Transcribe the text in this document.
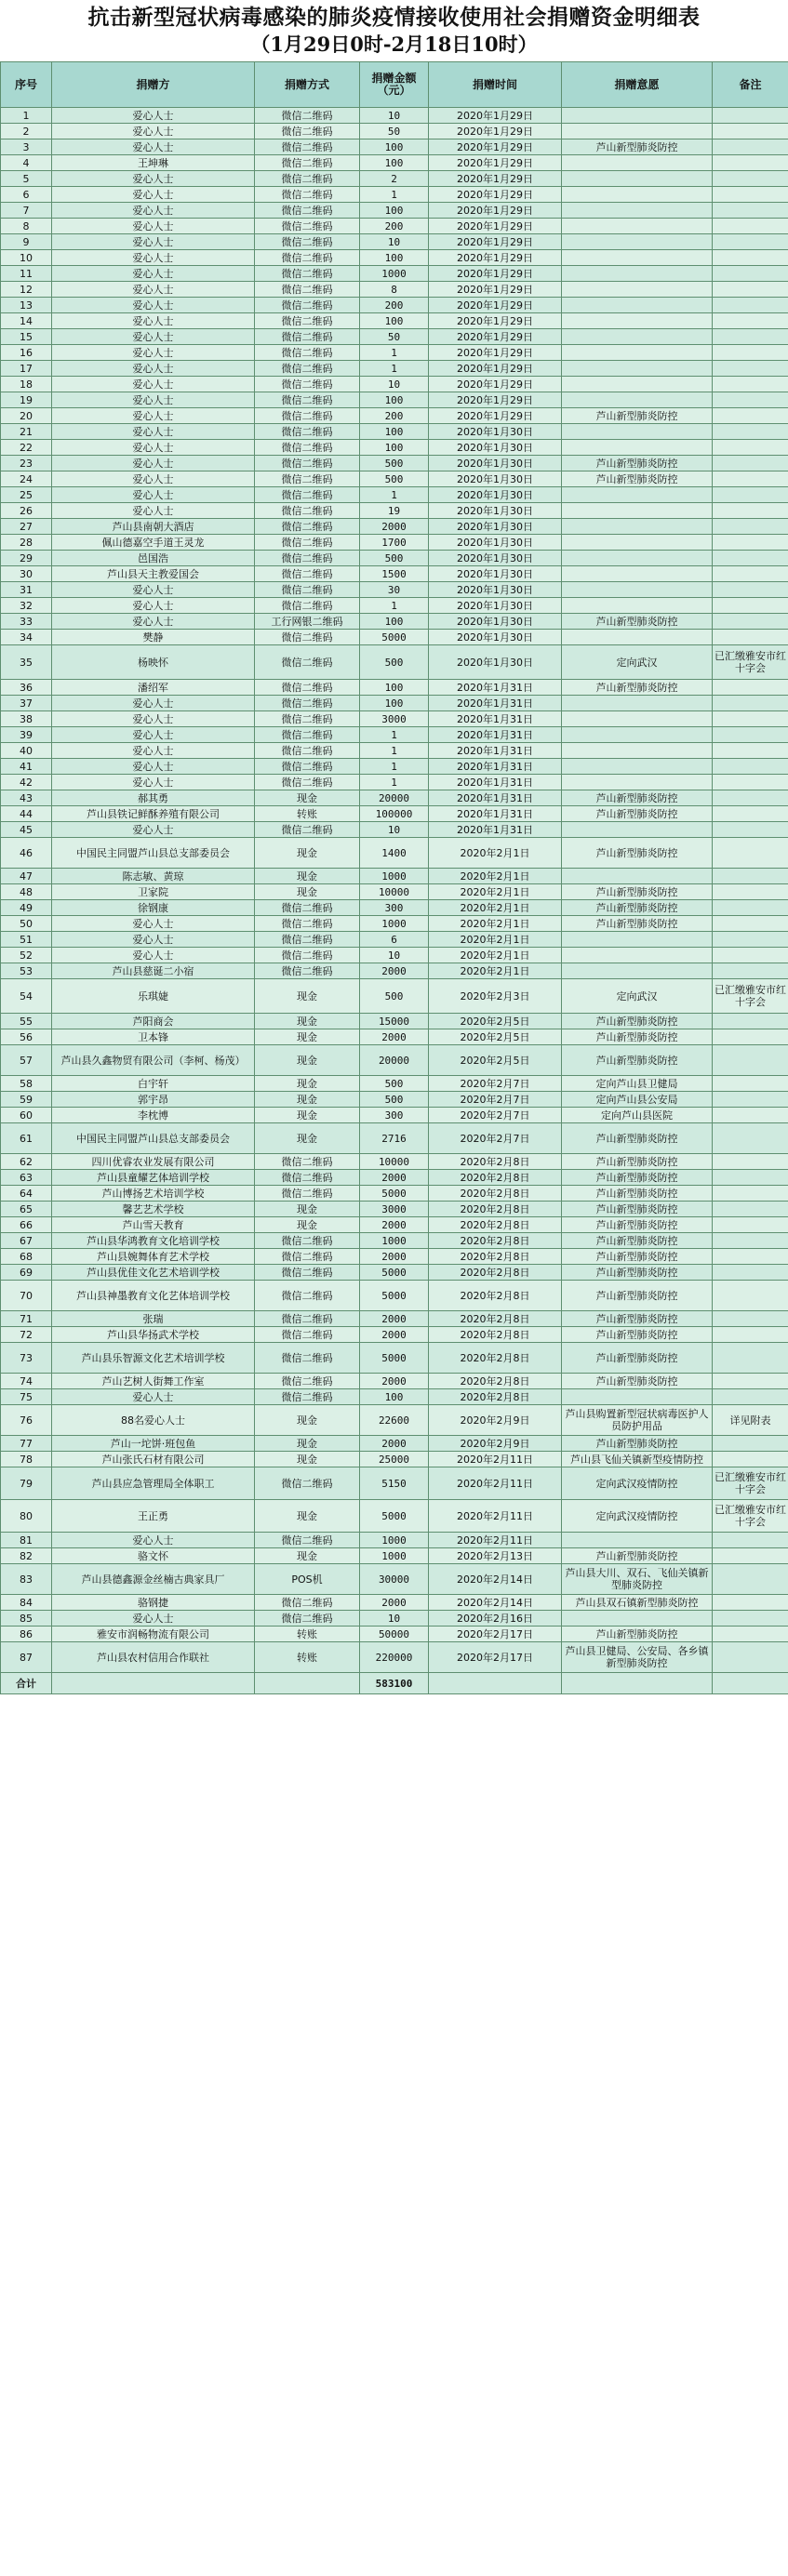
抗击新型冠状病毒感染的肺炎疫情接收使用社会捐赠资金明细表
（1月29日0时-2月18日10时）
序号	捐赠方	捐赠方式	捐赠金额（元）	捐赠时间	捐赠意愿	备注
1	爱心人士	微信二维码	10	2020年1月29日		
2	爱心人士	微信二维码	50	2020年1月29日		
3	爱心人士	微信二维码	100	2020年1月29日	芦山新型肺炎防控	
4	王坤琳	微信二维码	100	2020年1月29日		
5	爱心人士	微信二维码	2	2020年1月29日		
6	爱心人士	微信二维码	1	2020年1月29日		
7	爱心人士	微信二维码	100	2020年1月29日		
8	爱心人士	微信二维码	200	2020年1月29日		
9	爱心人士	微信二维码	10	2020年1月29日		
10	爱心人士	微信二维码	100	2020年1月29日		
11	爱心人士	微信二维码	1000	2020年1月29日		
12	爱心人士	微信二维码	8	2020年1月29日		
13	爱心人士	微信二维码	200	2020年1月29日		
14	爱心人士	微信二维码	100	2020年1月29日		
15	爱心人士	微信二维码	50	2020年1月29日		
16	爱心人士	微信二维码	1	2020年1月29日		
17	爱心人士	微信二维码	1	2020年1月29日		
18	爱心人士	微信二维码	10	2020年1月29日		
19	爱心人士	微信二维码	100	2020年1月29日		
20	爱心人士	微信二维码	200	2020年1月29日	芦山新型肺炎防控	
21	爱心人士	微信二维码	100	2020年1月30日		
22	爱心人士	微信二维码	100	2020年1月30日		
23	爱心人士	微信二维码	500	2020年1月30日	芦山新型肺炎防控	
24	爱心人士	微信二维码	500	2020年1月30日	芦山新型肺炎防控	
25	爱心人士	微信二维码	1	2020年1月30日		
26	爱心人士	微信二维码	19	2020年1月30日		
27	芦山县南朝大酒店	微信二维码	2000	2020年1月30日		
28	佩山德嘉空手道王灵龙	微信二维码	1700	2020年1月30日		
29	邑国浩	微信二维码	500	2020年1月30日		
30	芦山县天主教爱国会	微信二维码	1500	2020年1月30日		
31	爱心人士	微信二维码	30	2020年1月30日		
32	爱心人士	微信二维码	1	2020年1月30日		
33	爱心人士	工行网银二维码	100	2020年1月30日	芦山新型肺炎防控	
34	樊静	微信二维码	5000	2020年1月30日		
35	杨映怀	微信二维码	500	2020年1月30日	定向武汉	已汇缴雅安市红十字会
36	潘绍军	微信二维码	100	2020年1月31日	芦山新型肺炎防控	
37	爱心人士	微信二维码	100	2020年1月31日		
38	爱心人士	微信二维码	3000	2020年1月31日		
39	爱心人士	微信二维码	1	2020年1月31日		
40	爱心人士	微信二维码	1	2020年1月31日		
41	爱心人士	微信二维码	1	2020年1月31日		
42	爱心人士	微信二维码	1	2020年1月31日		
43	郝其勇	现金	20000	2020年1月31日	芦山新型肺炎防控	
44	芦山县铁记鲜酥养殖有限公司	转账	100000	2020年1月31日	芦山新型肺炎防控	
45	爱心人士	微信二维码	10	2020年1月31日		
46	中国民主同盟芦山县总支部委员会	现金	1400	2020年2月1日	芦山新型肺炎防控	
47	陈志敏、黄琼	现金	1000	2020年2月1日		
48	卫家院	现金	10000	2020年2月1日	芦山新型肺炎防控	
49	徐钢康	微信二维码	300	2020年2月1日	芦山新型肺炎防控	
50	爱心人士	微信二维码	1000	2020年2月1日	芦山新型肺炎防控	
51	爱心人士	微信二维码	6	2020年2月1日		
52	爱心人士	微信二维码	10	2020年2月1日		
53	芦山县慈诞二小宿	微信二维码	2000	2020年2月1日		
54	乐琪婕	现金	500	2020年2月3日	定向武汉	已汇缴雅安市红十字会
55	芦阳商会	现金	15000	2020年2月5日	芦山新型肺炎防控	
56	卫本锋	现金	2000	2020年2月5日	芦山新型肺炎防控	
57	芦山县久鑫物贸有限公司（李柯、杨茂）	现金	20000	2020年2月5日	芦山新型肺炎防控	
58	白宇轩	现金	500	2020年2月7日	定向芦山县卫健局	
59	郭宇昂	现金	500	2020年2月7日	定向芦山县公安局	
60	李枕博	现金	300	2020年2月7日	定向芦山县医院	
61	中国民主同盟芦山县总支部委员会	现金	2716	2020年2月7日	芦山新型肺炎防控	
62	四川优睿农业发展有限公司	微信二维码	10000	2020年2月8日	芦山新型肺炎防控	
63	芦山县童耀艺体培训学校	微信二维码	2000	2020年2月8日	芦山新型肺炎防控	
64	芦山博扬艺术培训学校	微信二维码	5000	2020年2月8日	芦山新型肺炎防控	
65	馨艺艺术学校	现金	3000	2020年2月8日	芦山新型肺炎防控	
66	芦山雪天教育	现金	2000	2020年2月8日	芦山新型肺炎防控	
67	芦山县华鸿教育文化培训学校	微信二维码	1000	2020年2月8日	芦山新型肺炎防控	
68	芦山县婉舞体育艺术学校	微信二维码	2000	2020年2月8日	芦山新型肺炎防控	
69	芦山县优佳文化艺术培训学校	微信二维码	5000	2020年2月8日	芦山新型肺炎防控	
70	芦山县神墨教育文化艺体培训学校	微信二维码	5000	2020年2月8日	芦山新型肺炎防控	
71	张瑞	微信二维码	2000	2020年2月8日	芦山新型肺炎防控	
72	芦山县华扬武术学校	微信二维码	2000	2020年2月8日	芦山新型肺炎防控	
73	芦山县乐智源文化艺术培训学校	微信二维码	5000	2020年2月8日	芦山新型肺炎防控	
74	芦山艺树人街舞工作室	微信二维码	2000	2020年2月8日	芦山新型肺炎防控	
75	爱心人士	微信二维码	100	2020年2月8日		
76	88名爱心人士	现金	22600	2020年2月9日	芦山县购置新型冠状病毒医护人员防护用品	详见附表
77	芦山一坨饼·班包鱼	现金	2000	2020年2月9日	芦山新型肺炎防控	
78	芦山张氏石材有限公司	现金	25000	2020年2月11日	芦山县飞仙关镇新型疫情防控	
79	芦山县应急管理局全体职工	微信二维码	5150	2020年2月11日	定向武汉疫情防控	已汇缴雅安市红十字会
80	王正勇	现金	5000	2020年2月11日	定向武汉疫情防控	已汇缴雅安市红十字会
81	爱心人士	微信二维码	1000	2020年2月11日		
82	骆文怀	现金	1000	2020年2月13日	芦山新型肺炎防控	
83	芦山县德鑫源金丝楠古典家具厂	POS机	30000	2020年2月14日	芦山县大川、双石、飞仙关镇新型肺炎防控	
84	骆钢捷	微信二维码	2000	2020年2月14日	芦山县双石镇新型肺炎防控	
85	爱心人士	微信二维码	10	2020年2月16日		
86	雅安市润畅物流有限公司	转账	50000	2020年2月17日	芦山新型肺炎防控	
87	芦山县农村信用合作联社	转账	220000	2020年2月17日	芦山县卫健局、公安局、各乡镇新型肺炎防控	
合计			583100			
